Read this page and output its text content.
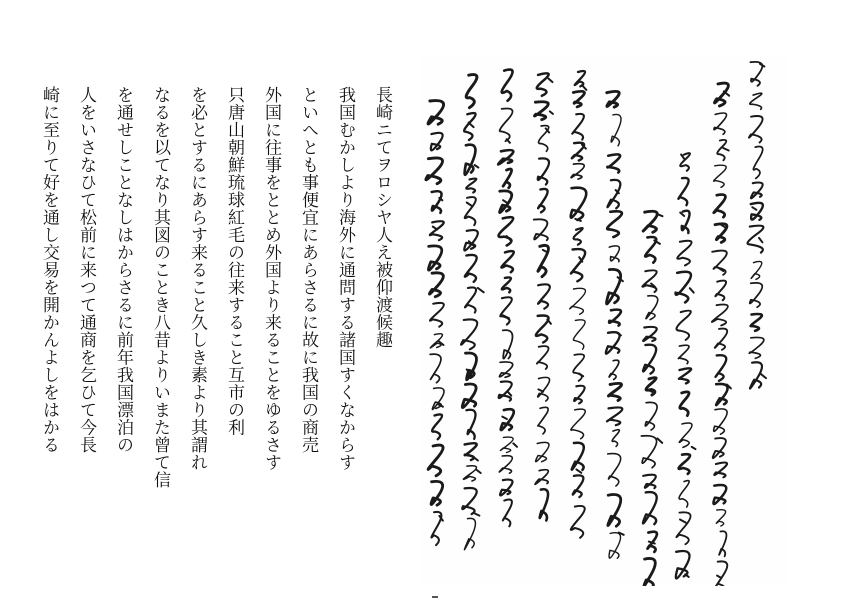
長崎ニてヲロシヤ人え被仰渡候趣

我国むかしより海外に通問する諸国すくなからす

といへとも事便宜にあらさるに故に我国の商売

外国に往事をととめ外国より来ることをゆるさす

只唐山朝鮮琉球紅毛の往来すること互市の利

を必とするにあらす来ること久しき素より其謂れ

なるを以てなり其図のことき八昔よりいまた曾て信

を通せしことなしはからさるに前年我国漂泊の

人をいさなひて松前に来つて通商を乞ひて今長

崎に至りて好を通し交易を開かんよしをはかる
